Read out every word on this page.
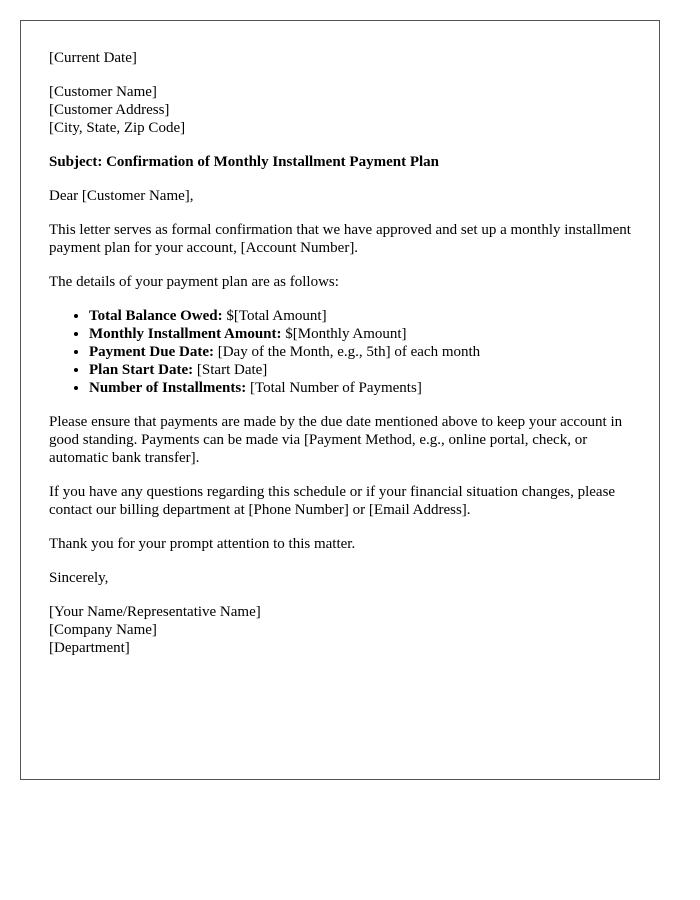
[Current Date]
[Customer Name]
[Customer Address]
[City, State, Zip Code]
Subject: Confirmation of Monthly Installment Payment Plan
Dear [Customer Name],

This letter serves as formal confirmation that we have approved and set up a monthly installment payment plan for your account, [Account Number].

The details of your payment plan are as follows:

• Total Balance Owed: $[Total Amount]
• Monthly Installment Amount: $[Monthly Amount]
• Payment Due Date: [Day of the Month, e.g., 5th] of each month
• Plan Start Date: [Start Date]
• Number of Installments: [Total Number of Payments]

Please ensure that payments are made by the due date mentioned above to keep your account in good standing. Payments can be made via [Payment Method, e.g., online portal, check, or automatic bank transfer].

If you have any questions regarding this schedule or if your financial situation changes, please contact our billing department at [Phone Number] or [Email Address].

Thank you for your prompt attention to this matter.

Sincerely,

[Your Name/Representative Name]
[Company Name]
[Department]
